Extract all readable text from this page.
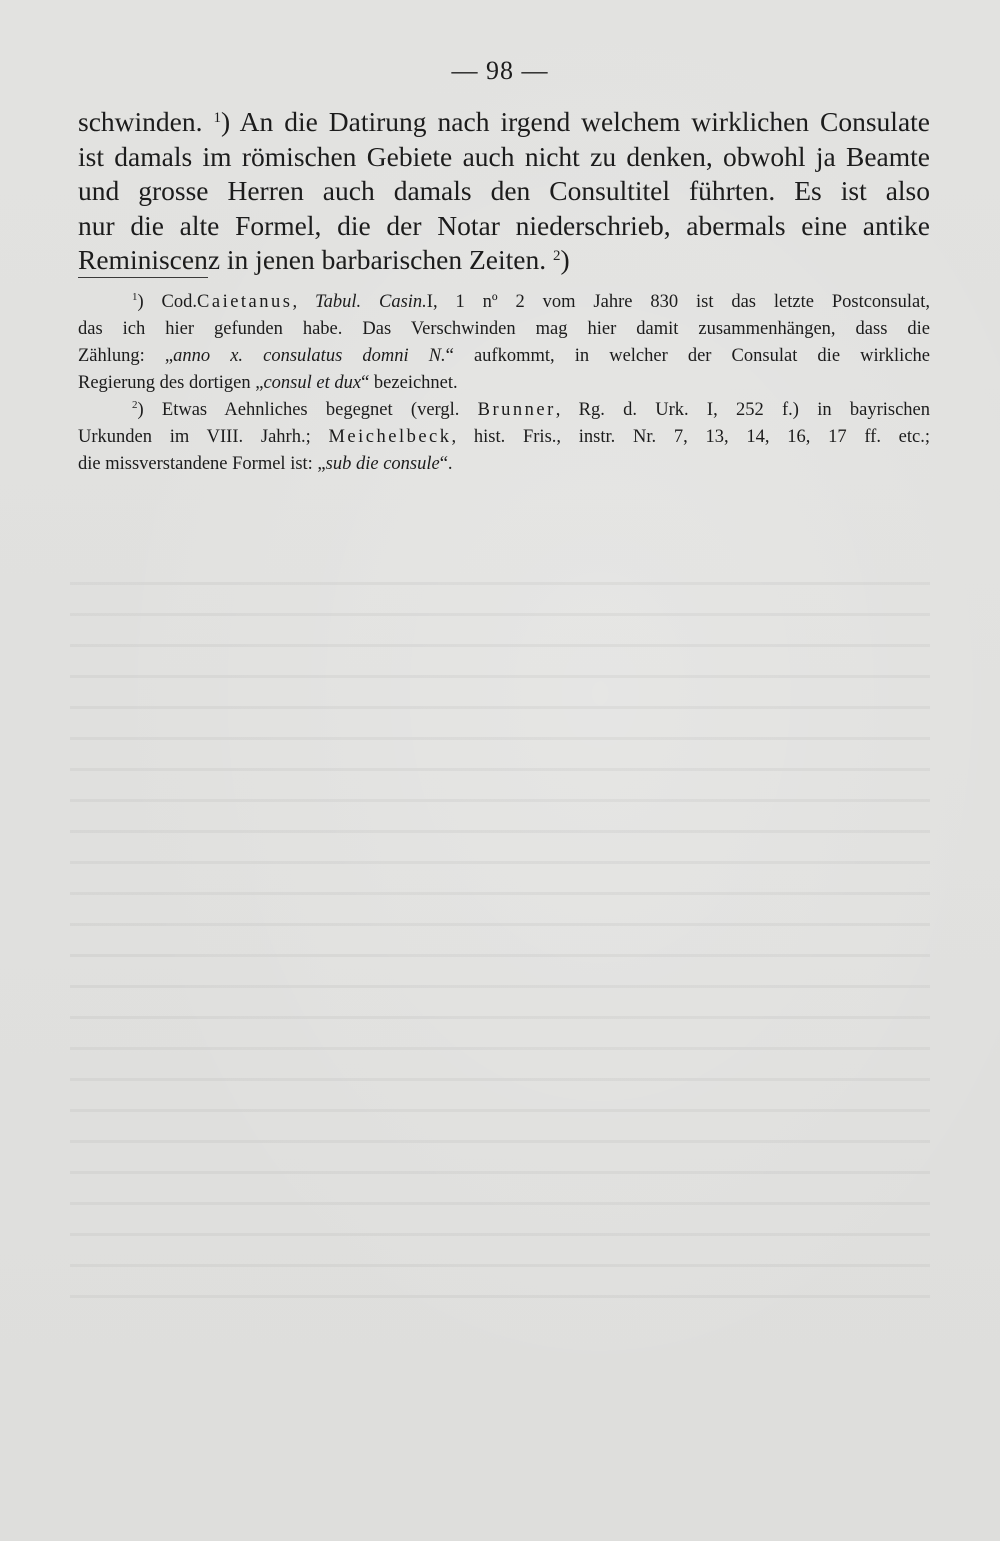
— 98 —
schwinden. $^1$) An die Datirung nach irgend welchem wirklichen Consulate
ist damals im römischen Gebiete auch nicht zu denken, obwohl ja Beamte
und grosse Herren auch damals den Consultitel führten. Es ist also
nur die alte Formel, die der Notar niederschrieb, abermals eine antike
Reminiscenz in jenen barbarischen Zeiten. $^2$)
$^1$) Cod.Caietanus, Tabul. Casin.I, 1 nº 2 vom Jahre 830 ist das letzte Postconsulat,
das ich hier gefunden habe. Das Verschwinden mag hier damit zusammenhängen, dass die
Zählung: „anno x. consulatus domni N.“ aufkommt, in welcher der Consulat die wirkliche
Regierung des dortigen „consul et dux“ bezeichnet.
$^2$) Etwas Aehnliches begegnet (vergl. Brunner, Rg. d. Urk. I, 252 f.) in bayrischen
Urkunden im VIII. Jahrh.; Meichelbeck, hist. Fris., instr. Nr. 7, 13, 14, 16, 17 ff. etc.;
die missverstandene Formel ist: „sub die consule“.
